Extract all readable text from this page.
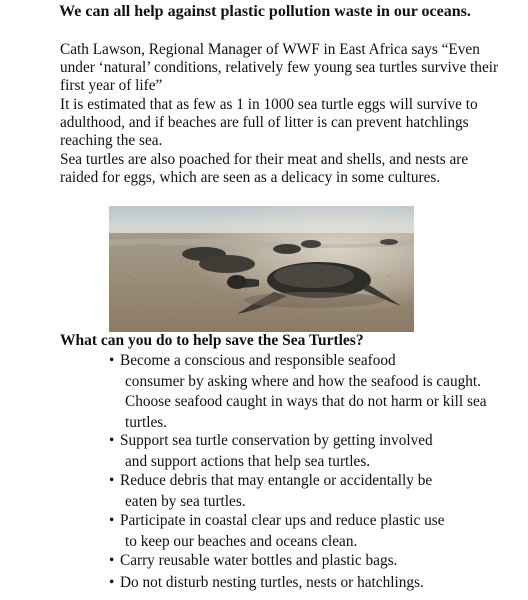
We can all help against plastic pollution waste in our oceans.
Cath Lawson, Regional Manager of WWF in East Africa says “Even under ‘natural’ conditions, relatively few young sea turtles survive their first year of life”
It is estimated that as few as 1 in 1000 sea turtle eggs will survive to adulthood, and if beaches are full of litter is can prevent hatchlings reaching the sea.
Sea turtles are also poached for their meat and shells, and nests are raided for eggs, which are seen as a delicacy in some cultures.
What can you do to help save the Sea Turtles?
• Become a conscious and responsible seafood
consumer by asking where and how the seafood is caught. Choose seafood caught in ways that do not harm or kill sea turtles.
• Support sea turtle conservation by getting involved
and support actions that help sea turtles.
• Reduce debris that may entangle or accidentally be
eaten by sea turtles.
• Participate in coastal clear ups and reduce plastic use
to keep our beaches and oceans clean.
• Carry reusable water bottles and plastic bags.
• Do not disturb nesting turtles, nests or hatchlings.
